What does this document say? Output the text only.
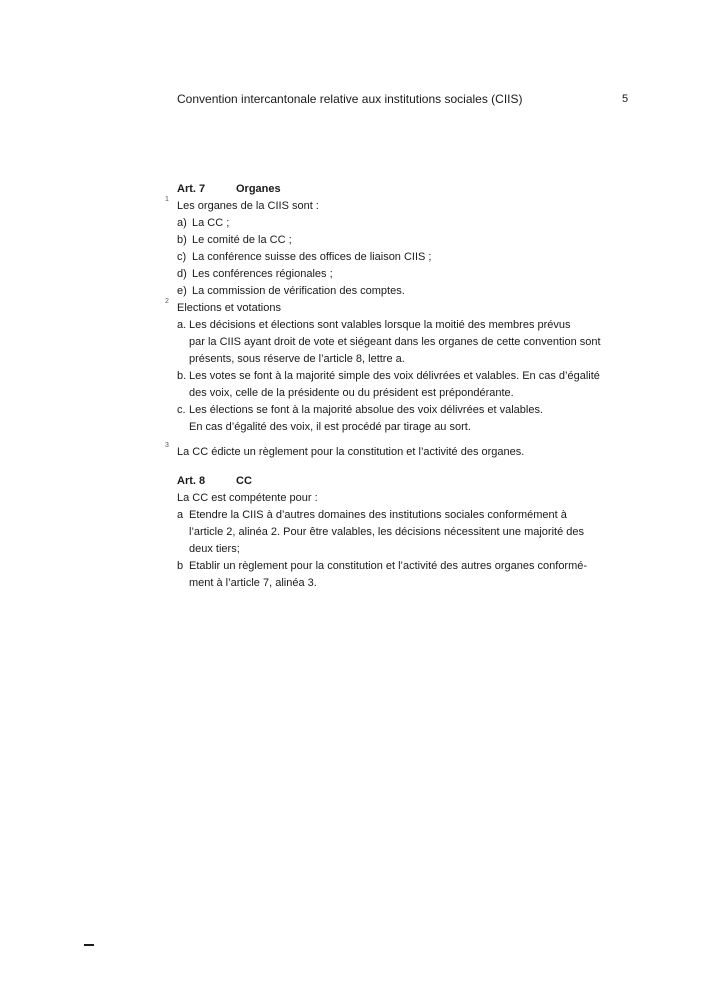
Convention intercantonale relative aux institutions sociales (CIIS)	5
Art. 7	Organes
1
Les organes de la CIIS sont :
a) La CC ;
b) Le comité de la CC ;
c) La conférence suisse des offices de liaison CIIS ;
d) Les conférences régionales ;
e) La commission de vérification des comptes.
2
Elections et votations
a. Les décisions et élections sont valables lorsque la moitié des membres prévus
par la CIIS ayant droit de vote et siégeant dans les organes de cette convention sont
présents, sous réserve de l’article 8, lettre a.
b. Les votes se font à la majorité simple des voix délivrées et valables. En cas d’égalité
des voix, celle de la présidente ou du président est prépondérante.
c. Les élections se font à la majorité absolue des voix délivrées et valables.
En cas d’égalité des voix, il est procédé par tirage au sort.
3
La CC édicte un règlement pour la constitution et l’activité des organes.
Art. 8	CC
La CC est compétente pour :
a Etendre la CIIS à d’autres domaines des institutions sociales conformément à
l’article 2, alinéa 2. Pour être valables, les décisions nécessitent une majorité des
deux tiers;
b Etablir un règlement pour la constitution et l’activité des autres organes conformé-
ment à l’article 7, alinéa 3.
